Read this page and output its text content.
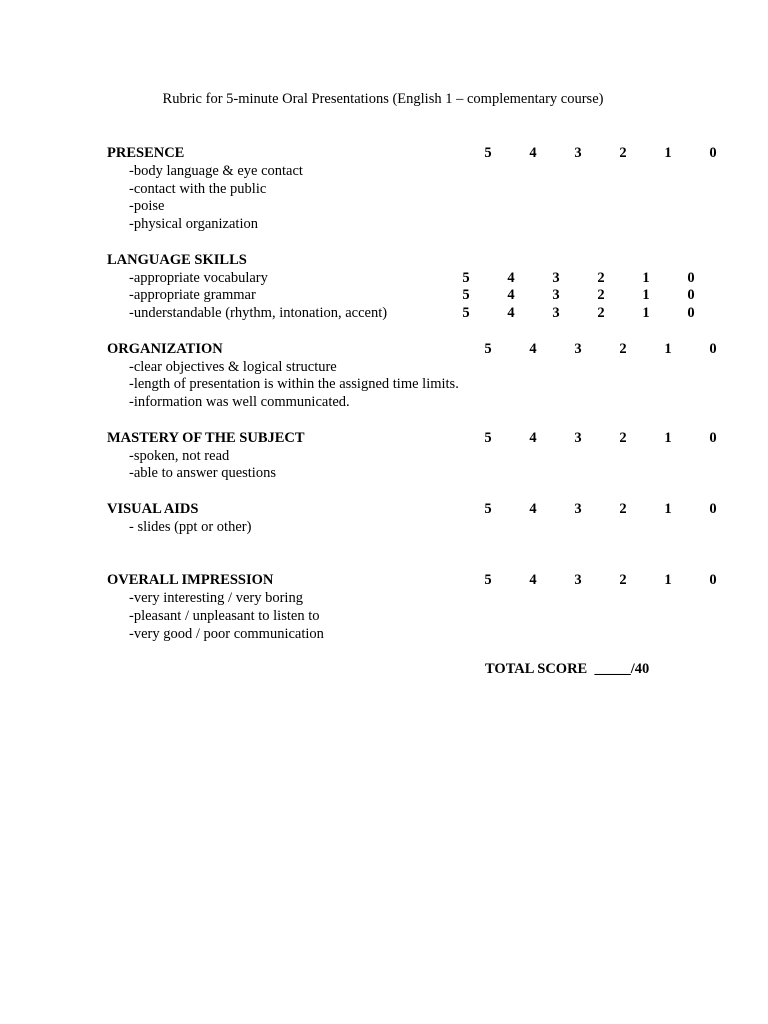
Rubric for 5-minute Oral Presentations (English 1 – complementary course)
PRESENCE	5	4	3	2	1	0
-body language & eye contact
-contact with the public
-poise
-physical organization
LANGUAGE SKILLS
-appropriate vocabulary	5	4	3	2	1	0
-appropriate grammar	5	4	3	2	1	0
-understandable (rhythm, intonation, accent)	5	4	3	2	1	0
ORGANIZATION	5	4	3	2	1	0
-clear objectives & logical structure
-length of presentation is within the assigned time limits.
-information was well communicated.
MASTERY OF THE SUBJECT	5	4	3	2	1	0
-spoken, not read
-able to answer questions
VISUAL AIDS	5	4	3	2	1	0
- slides (ppt or other)
OVERALL IMPRESSION	5	4	3	2	1	0
-very interesting / very boring
-pleasant / unpleasant to listen to
-very good / poor communication
TOTAL SCORE  _____/40
